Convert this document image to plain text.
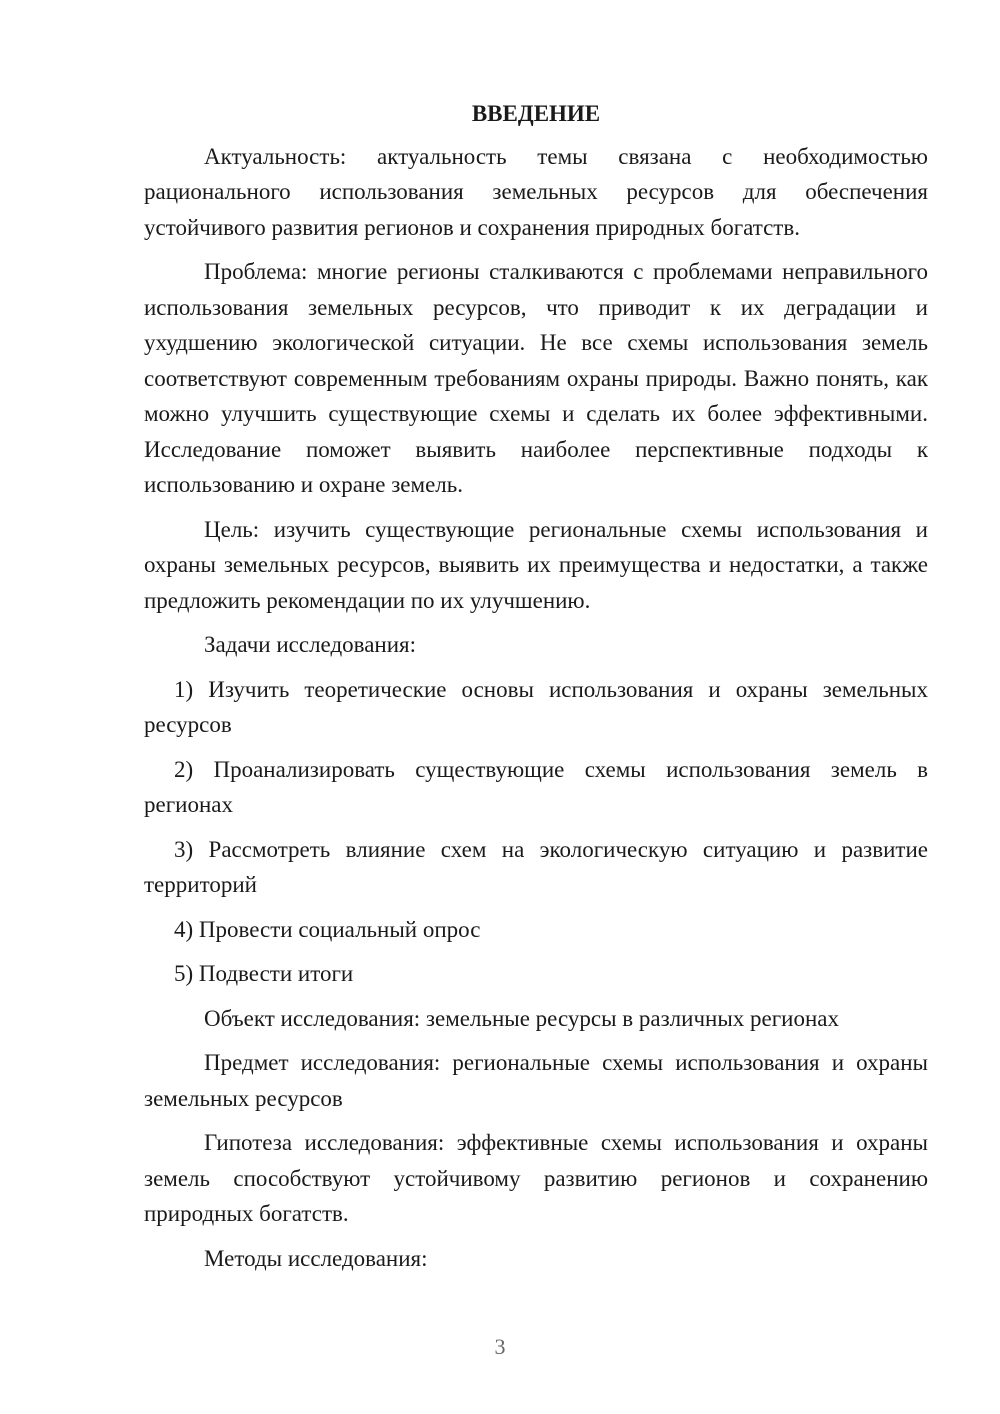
ВВЕДЕНИЕ

Актуальность: актуальность темы связана с необходимостью рационального использования земельных ресурсов для обеспечения устойчивого развития регионов и сохранения природных богатств.

Проблема: многие регионы сталкиваются с проблемами неправильного использования земельных ресурсов, что приводит к их деградации и ухудшению экологической ситуации. Не все схемы использования земель соответствуют современным требованиям охраны природы. Важно понять, как можно улучшить существующие схемы и сделать их более эффективными. Исследование поможет выявить наиболее перспективные подходы к использованию и охране земель.

Цель: изучить существующие региональные схемы использования и охраны земельных ресурсов, выявить их преимущества и недостатки, а также предложить рекомендации по их улучшению.

Задачи исследования:

1) Изучить теоретические основы использования и охраны земельных ресурсов

2) Проанализировать существующие схемы использования земель в регионах

3) Рассмотреть влияние схем на экологическую ситуацию и развитие территорий

4) Провести социальный опрос

5) Подвести итоги

Объект исследования: земельные ресурсы в различных регионах

Предмет исследования: региональные схемы использования и охраны земельных ресурсов

Гипотеза исследования: эффективные схемы использования и охраны земель способствуют устойчивому развитию регионов и сохранению природных богатств.

Методы исследования:

3
